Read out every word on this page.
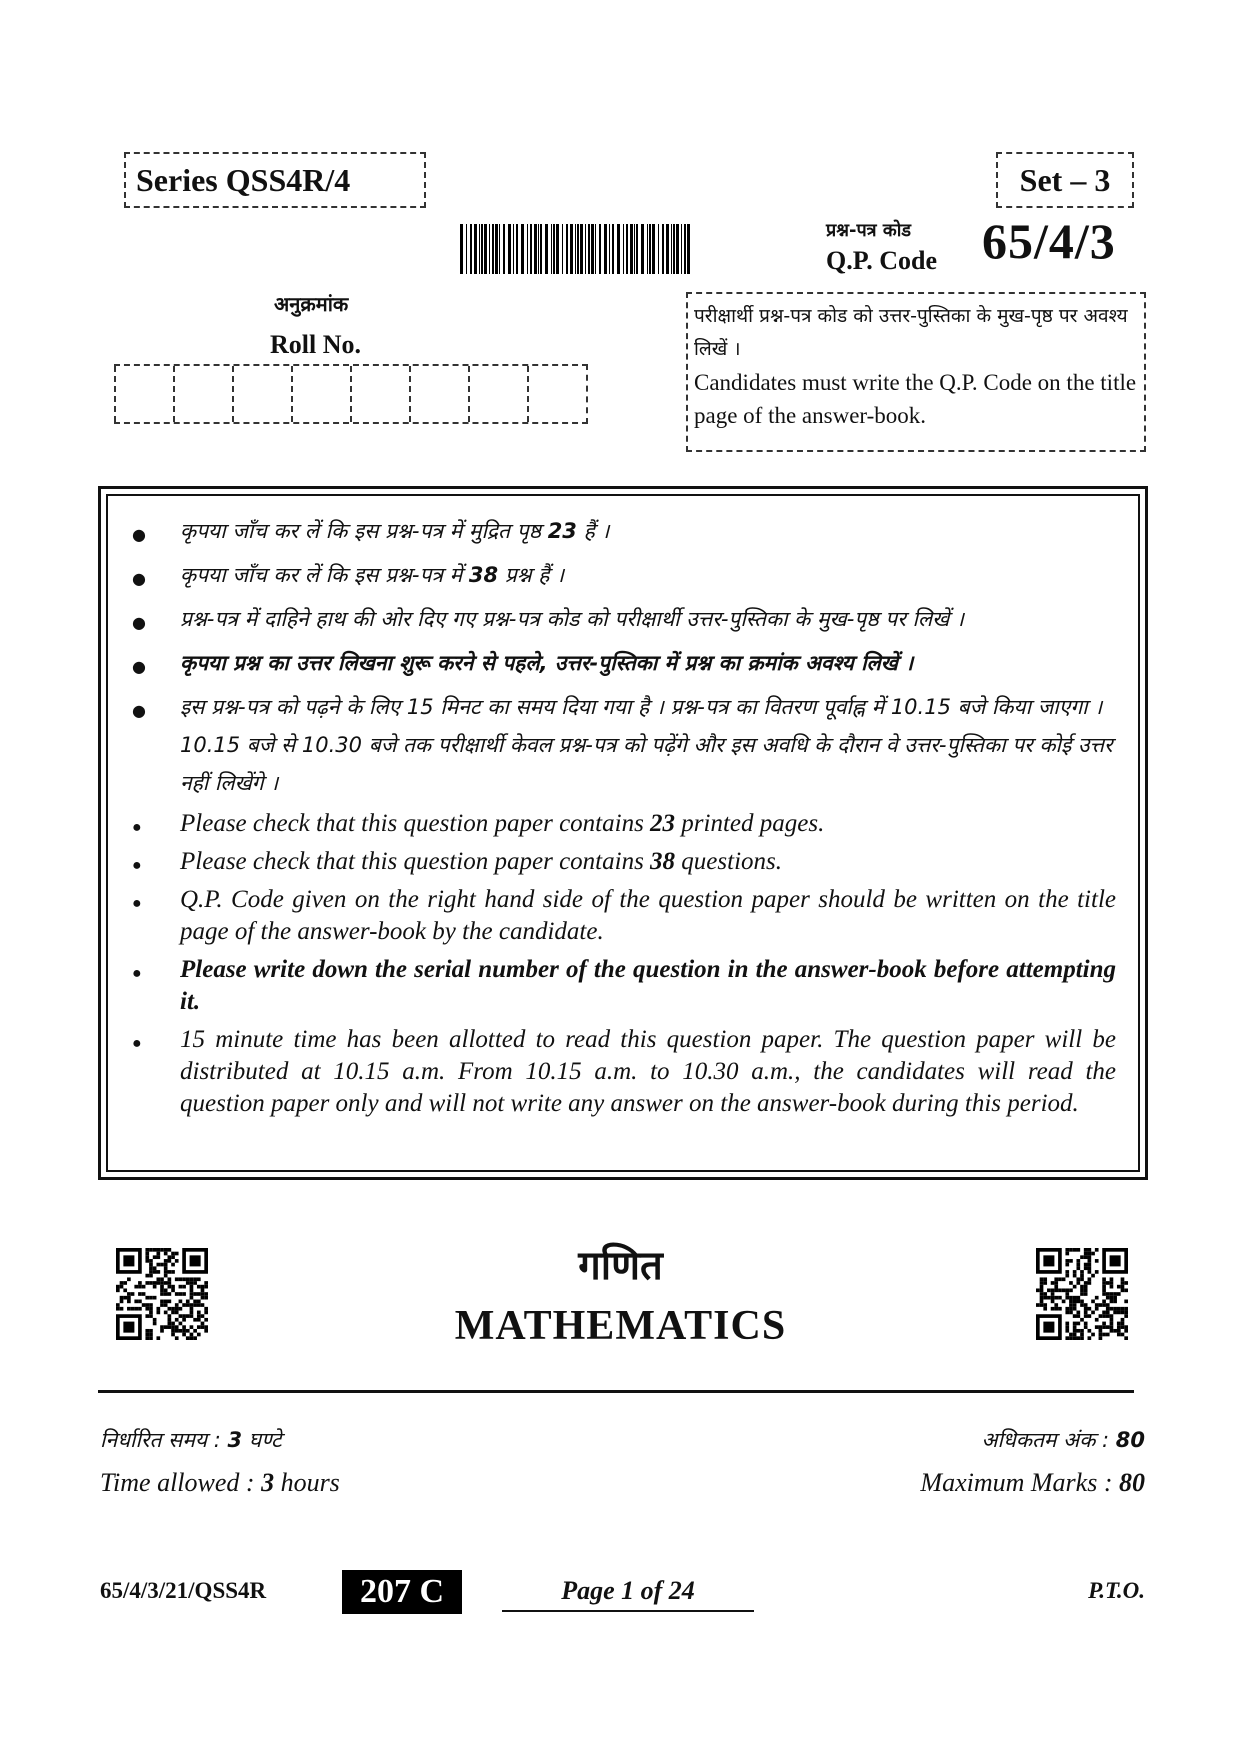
Series QSS4R/4	Set – 3
प्रश्न-पत्र कोड
Q.P. Code 65/4/3
अनुक्रमांक
Roll No.
परीक्षार्थी प्रश्न-पत्र कोड को उत्तर-पुस्तिका के मुख-पृष्ठ पर अवश्य लिखें ।
Candidates must write the Q.P. Code on the title page of the answer-book.
● कृपया जाँच कर लें कि इस प्रश्न-पत्र में मुद्रित पृष्ठ 23 हैं ।
● कृपया जाँच कर लें कि इस प्रश्न-पत्र में 38 प्रश्न हैं ।
● प्रश्न-पत्र में दाहिने हाथ की ओर दिए गए प्रश्न-पत्र कोड को परीक्षार्थी उत्तर-पुस्तिका के मुख-पृष्ठ पर लिखें ।
● कृपया प्रश्न का उत्तर लिखना शुरू करने से पहले, उत्तर-पुस्तिका में प्रश्न का क्रमांक अवश्य लिखें ।
● इस प्रश्न-पत्र को पढ़ने के लिए 15 मिनट का समय दिया गया है । प्रश्न-पत्र का वितरण पूर्वाह्न में 10.15 बजे किया जाएगा । 10.15 बजे से 10.30 बजे तक परीक्षार्थी केवल प्रश्न-पत्र को पढ़ेंगे और इस अवधि के दौरान वे उत्तर-पुस्तिका पर कोई उत्तर नहीं लिखेंगे ।
● Please check that this question paper contains 23 printed pages.
● Please check that this question paper contains 38 questions.
● Q.P. Code given on the right hand side of the question paper should be written on the title page of the answer-book by the candidate.
● Please write down the serial number of the question in the answer-book before attempting it.
● 15 minute time has been allotted to read this question paper. The question paper will be distributed at 10.15 a.m. From 10.15 a.m. to 10.30 a.m., the candidates will read the question paper only and will not write any answer on the answer-book during this period.
गणित
MATHEMATICS
निर्धारित समय : 3 घण्टे
Time allowed : 3 hours
अधिकतम अंक : 80
Maximum Marks : 80
65/4/3/21/QSS4R	207 C	Page 1 of 24	P.T.O.
